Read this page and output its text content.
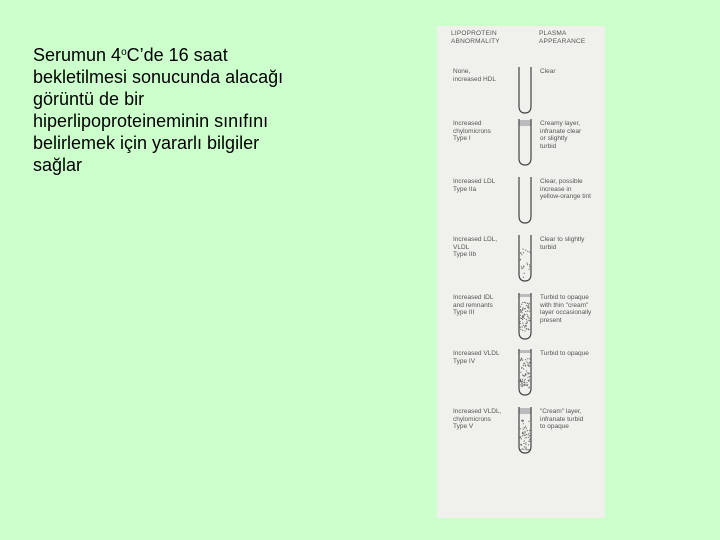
Serumun 4$^o$C’de 16 saat
bekletilmesi sonucunda alacağı
görüntü de bir
hiperlipoproteineminin sınıfını
belirlemek için yararlı bilgiler
sağlar
LIPOPROTEIN
ABNORMALITY
PLASMA
APPEARANCE
None,
increased HDL
Clear
Increased
chylomicrons
Type I
Creamy layer,
infranate clear
or slightly
turbid
Increased LDL
Type IIa
Clear, possible
increase in
yellow-orange tint
Increased LDL,
VLDL
Type IIb
Clear to slightly
turbid
Increased IDL
and remnants
Type III
Turbid to opaque
with thin "cream"
layer occasionally
present
Increased VLDL
Type IV
Turbid to opaque
Increased VLDL,
chylomicrons
Type V
"Cream" layer,
infranate turbid
to opaque
